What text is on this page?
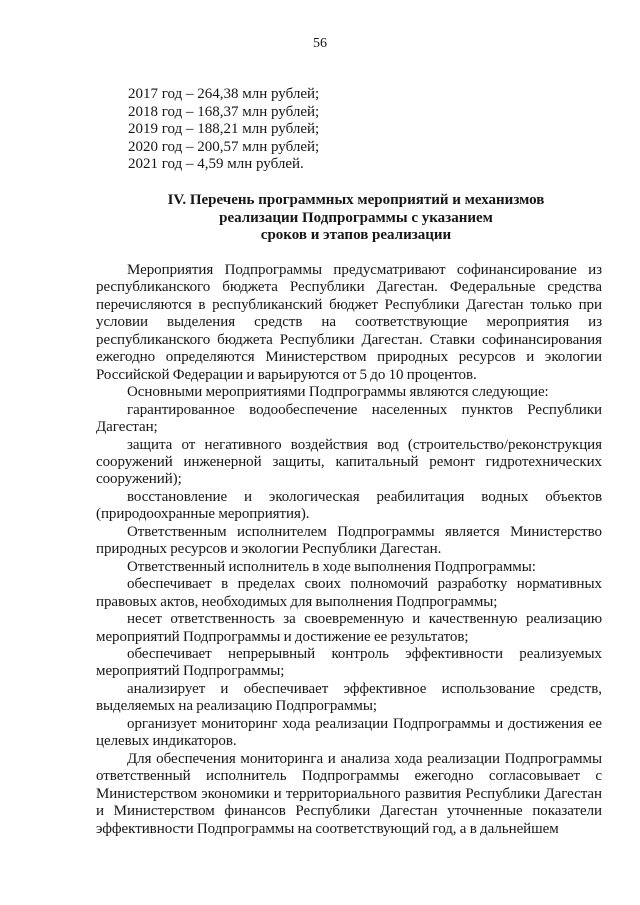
56
2017 год – 264,38 млн рублей;
2018 год – 168,37 млн рублей;
2019 год – 188,21 млн рублей;
2020 год – 200,57 млн рублей;
2021 год – 4,59 млн рублей.
IV. Перечень программных мероприятий и механизмов
реализации Подпрограммы с указанием
сроков и этапов реализации

Мероприятия Подпрограммы предусматривают софинансирование из республиканского бюджета Республики Дагестан. Федеральные средства перечисляются в республиканский бюджет Республики Дагестан только при условии выделения средств на соответствующие мероприятия из республиканского бюджета Республики Дагестан. Ставки софинансирования ежегодно определяются Министерством природных ресурсов и экологии Российской Федерации и варьируются от 5 до 10 процентов.

Основными мероприятиями Подпрограммы являются следующие:

гарантированное водообеспечение населенных пунктов Республики Дагестан;

защита от негативного воздействия вод (строительство/реконструкция сооружений инженерной защиты, капитальный ремонт гидротехнических сооружений);

восстановление и экологическая реабилитация водных объектов (природоохранные мероприятия).

Ответственным исполнителем Подпрограммы является Министерство природных ресурсов и экологии Республики Дагестан.

Ответственный исполнитель в ходе выполнения Подпрограммы:

обеспечивает в пределах своих полномочий разработку нормативных правовых актов, необходимых для выполнения Подпрограммы;

несет ответственность за своевременную и качественную реализацию мероприятий Подпрограммы и достижение ее результатов;

обеспечивает непрерывный контроль эффективности реализуемых мероприятий Подпрограммы;

анализирует и обеспечивает эффективное использование средств, выделяемых на реализацию Подпрограммы;

организует мониторинг хода реализации Подпрограммы и достижения ее целевых индикаторов.

Для обеспечения мониторинга и анализа хода реализации Подпрограммы ответственный исполнитель Подпрограммы ежегодно согласовывает с Министерством экономики и территориального развития Республики Дагестан и Министерством финансов Республики Дагестан уточненные показатели эффективности Подпрограммы на соответствующий год, а в дальнейшем
